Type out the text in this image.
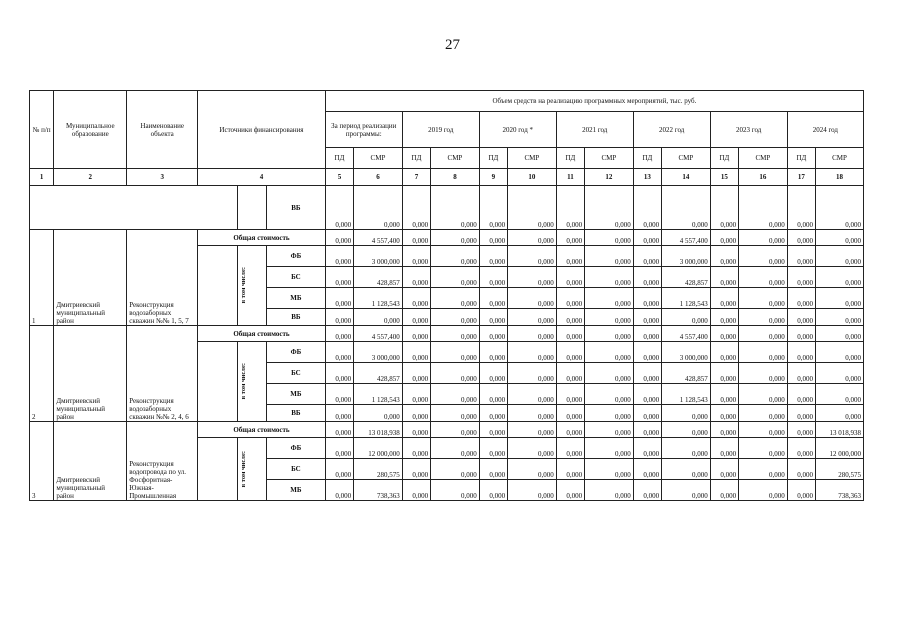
27
№ п/п	Муниципальное образование	Наименование объекта	Источники финансирования			Объем средств на реализацию программных мероприятий, тыс. руб.													
						За период реализации программы:		2019 год		2020 год *		2021 год		2022 год		2023 год		2024 год	
						ПД	СМР	ПД	СМР	ПД	СМР	ПД	СМР	ПД	СМР	ПД	СМР	ПД	СМР
1	2	3	4			5	6	7	8	9	10	11	12	13	14	15	16	17	18
					ВБ	0,000	0,000	0,000	0,000	0,000	0,000	0,000	0,000	0,000	0,000	0,000	0,000	0,000	0,000
1	Дмитриевский муниципальный район	Реконструкция водозаборных скважин №№ 1, 5, 7	Общая стоимость			0,000	4 557,400	0,000	0,000	0,000	0,000	0,000	0,000	0,000	4 557,400	0,000	0,000	0,000	0,000

				в том числе:	ФБ	0,000	3 000,000	0,000	0,000	0,000	0,000	0,000	0,000	0,000	3 000,000	0,000	0,000	0,000	0,000
					БС	0,000	428,857	0,000	0,000	0,000	0,000	0,000	0,000	0,000	428,857	0,000	0,000	0,000	0,000
					МБ	0,000	1 128,543	0,000	0,000	0,000	0,000	0,000	0,000	0,000	1 128,543	0,000	0,000	0,000	0,000
					ВБ	0,000	0,000	0,000	0,000	0,000	0,000	0,000	0,000	0,000	0,000	0,000	0,000	0,000	0,000
2	Дмитриевский муниципальный район	Реконструкция водозаборных скважин №№ 2, 4, 6	Общая стоимость			0,000	4 557,400	0,000	0,000	0,000	0,000	0,000	0,000	0,000	4 557,400	0,000	0,000	0,000	0,000

				в том числе:	ФБ	0,000	3 000,000	0,000	0,000	0,000	0,000	0,000	0,000	0,000	3 000,000	0,000	0,000	0,000	0,000
					БС	0,000	428,857	0,000	0,000	0,000	0,000	0,000	0,000	0,000	428,857	0,000	0,000	0,000	0,000
					МБ	0,000	1 128,543	0,000	0,000	0,000	0,000	0,000	0,000	0,000	1 128,543	0,000	0,000	0,000	0,000
					ВБ	0,000	0,000	0,000	0,000	0,000	0,000	0,000	0,000	0,000	0,000	0,000	0,000	0,000	0,000
3	Дмитриевский муниципальный район	Реконструкция водопровода по ул. Фосфоритная-Южная-Промышленная	Общая стоимость			0,000	13 018,938	0,000	0,000	0,000	0,000	0,000	0,000	0,000	0,000	0,000	0,000	0,000	13 018,938

				в том числе:	ФБ	0,000	12 000,000	0,000	0,000	0,000	0,000	0,000	0,000	0,000	0,000	0,000	0,000	0,000	12 000,000
					БС	0,000	280,575	0,000	0,000	0,000	0,000	0,000	0,000	0,000	0,000	0,000	0,000	0,000	280,575
					МБ	0,000	738,363	0,000	0,000	0,000	0,000	0,000	0,000	0,000	0,000	0,000	0,000	0,000	738,363
